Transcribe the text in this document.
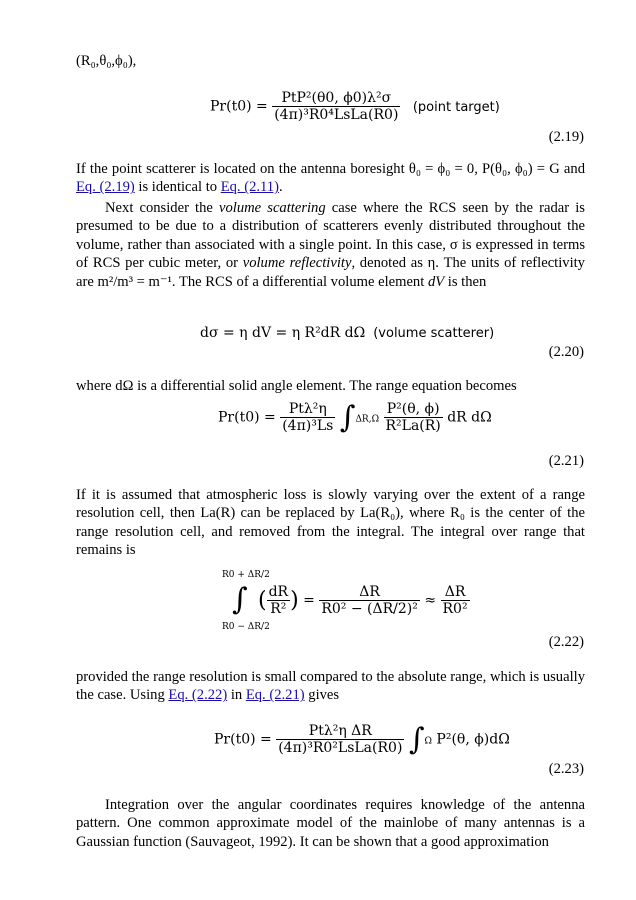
(R₀,θ₀,ϕ₀),

$Pr(t0) = \frac{\text{PtP²(θ0, ϕ0)λ²σ}}{\text{(4π)³R0⁴LsLa(R0)}}$ (point target)
(2.19)

If the point scatterer is located on the antenna boresight θ₀ = ϕ₀ = 0, P(θ₀, ϕ₀) = G and Eq. (2.19) is identical to Eq. (2.11).

Next consider the volume scattering case where the RCS seen by the radar is presumed to be due to a distribution of scatterers evenly distributed throughout the volume, rather than associated with a single point. In this case, σ is expressed in terms of RCS per cubic meter, or volume reflectivity, denoted as η. The units of reflectivity are m²/m³ = m⁻¹. The RCS of a differential volume element dV is then

dσ = η dV = η R²dR dΩ (volume scatterer)
(2.20)

where dΩ is a differential solid angle element. The range equation becomes

$Pr(t0) = \frac{\text{Ptλ²η}}{\text{(4π)³Ls}} \int\Delta R,\Omega \frac{\text{P²(θ, ϕ)}}{\text{R²La(R)}}$ dR dΩ
(2.21)

If it is assumed that atmospheric loss is slowly varying over the extent of a range resolution cell, then La(R) can be replaced by La(R₀), where R₀ is the center of the range resolution cell, and removed from the integral. The integral over range that remains is

R0 + ΔR/2
∫
R0 − ΔR/2
( $\frac{dR}{\text{R²}}$ ) = $\frac{\Delta R}{\text{R0² − (ΔR/2)²}} \approx \frac{\Delta R}{\text{R0²}}$
(2.22)

provided the range resolution is small compared to the absolute range, which is usually the case. Using Eq. (2.22) in Eq. (2.21) gives

$Pr(t0) = \frac{\text{Ptλ²η ΔR}}{\text{(4π)³R0²LsLa(R0)}} \int\Omega$ P²(θ, ϕ)dΩ
(2.23)

Integration over the angular coordinates requires knowledge of the antenna pattern. One common approximate model of the mainlobe of many antennas is a Gaussian function (Sauvageot, 1992). It can be shown that a good approximation
